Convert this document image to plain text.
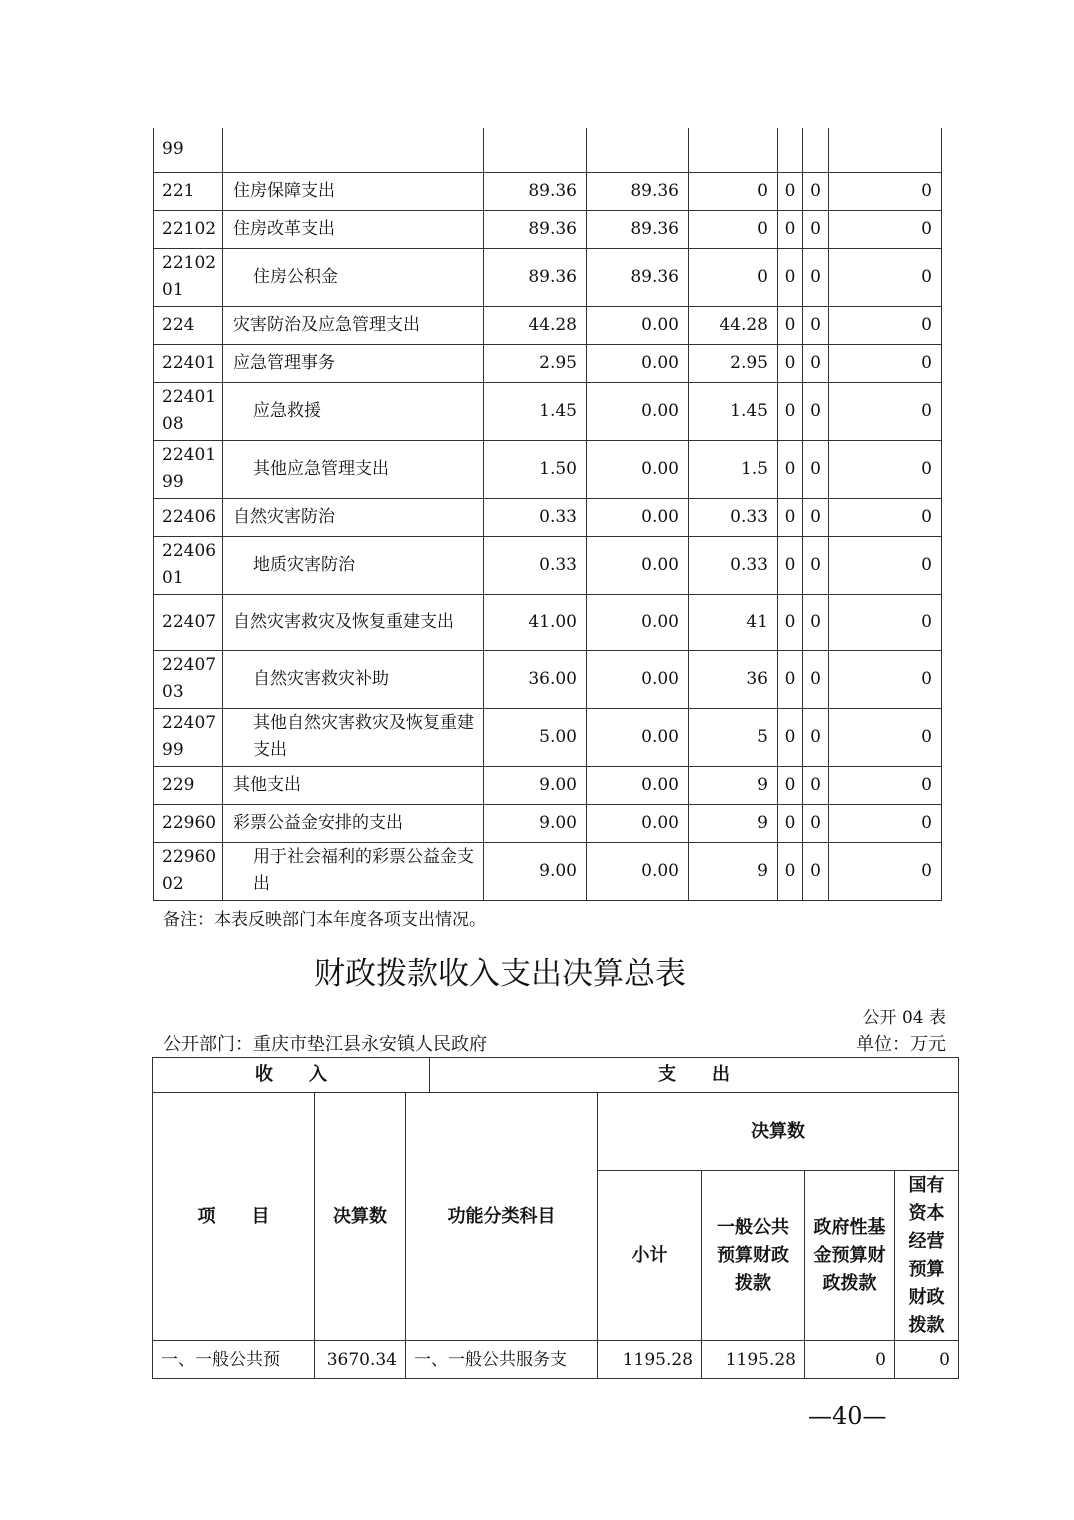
99							
221	住房保障支出	89.36	89.36	0	0	0	0
22102	住房改革支出	89.36	89.36	0	0	0	0
2210201	住房公积金	89.36	89.36	0	0	0	0
224	灾害防治及应急管理支出	44.28	0.00	44.28	0	0	0
22401	应急管理事务	2.95	0.00	2.95	0	0	0
2240108	应急救援	1.45	0.00	1.45	0	0	0
2240199	其他应急管理支出	1.50	0.00	1.5	0	0	0
22406	自然灾害防治	0.33	0.00	0.33	0	0	0
2240601	地质灾害防治	0.33	0.00	0.33	0	0	0
22407	自然灾害救灾及恢复重建支出	41.00	0.00	41	0	0	0
2240703	自然灾害救灾补助	36.00	0.00	36	0	0	0
2240799	其他自然灾害救灾及恢复重建支出	5.00	0.00	5	0	0	0
229	其他支出	9.00	0.00	9	0	0	0
22960	彩票公益金安排的支出	9.00	0.00	9	0	0	0
2296002	用于社会福利的彩票公益金支出	9.00	0.00	9	0	0	0
备注：本表反映部门本年度各项支出情况。
财政拨款收入支出决算总表
公开 04 表
公开部门：重庆市垫江县永安镇人民政府	单位：万元
收　　入			支　　出				
项　　目	决算数	功能分类科目		决算数			
				小计	一般公共预算财政拨款	政府性基金预算财政拨款	国有资本经营预算财政拨款
一、一般公共预	3670.34	一、一般公共服务支		1195.28	1195.28	0	0
—40—
